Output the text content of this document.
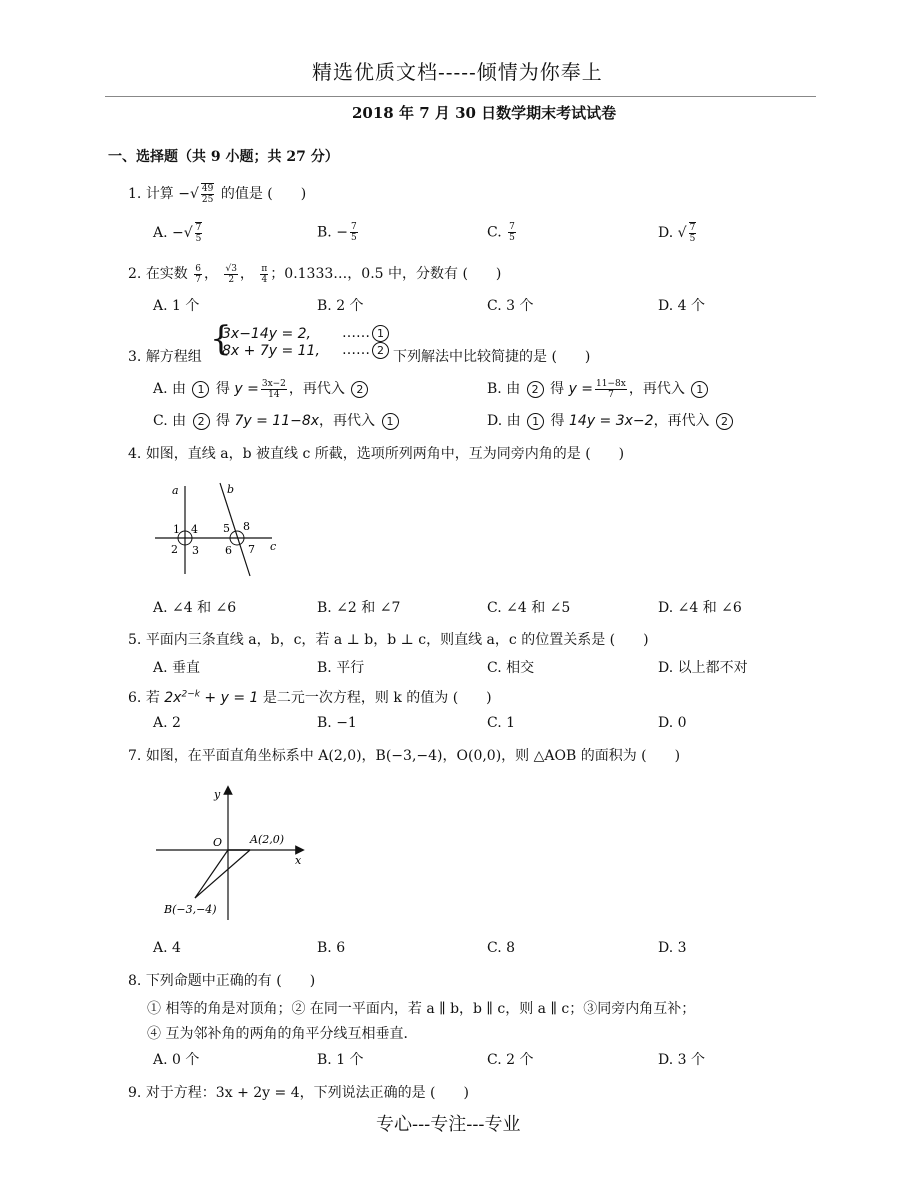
精选优质文档-----倾情为你奉上
2018 年 7 月 30 日数学期末考试试卷
一、选择题（共 9 小题；共 27 分）
1. 计算 −√ $\frac{49}{25}$ 的值是 (　　)
A. −√ $\frac{7}{5}$	B. − $\frac{7}{5}$	C. $\frac{7}{5}$	D. √ $\frac{7}{5}$
2. 在实数 $\frac{6}{7}$ ， $\frac{√3}{2}$ ， $\frac{\pi}{4}$ ；0.1333…，0.5 中，分数有 (　　)
A. 1 个	B. 2 个	C. 3 个	D. 4 个
3. 解方程组 {
3x−14y = 2,
8x + 7y = 11,
…… 1
…… 2 下列解法中比较简捷的是 (　　)
A. 由 1 得 $y = \frac{3x-2}{14}$ ，再代入 2	B. 由 2 得 $y = \frac{11-8x}{7}$ ，再代入 1
C. 由 2 得 7y = 11−8x，再代入 1	D. 由 1 得 14y = 3x−2，再代入 2
4. 如图，直线 a，b 被直线 c 所截，选项所列两角中，互为同旁内角的是 (　　)
a	b
c
1 4
2 3
5 8
6 7
A. ∠4 和 ∠6	B. ∠2 和 ∠7	C. ∠4 和 ∠5	D. ∠4 和 ∠6
5. 平面内三条直线 a，b，c，若 a ⊥ b，b ⊥ c，则直线 a，c 的位置关系是 (　　)
A. 垂直	B. 平行	C. 相交	D. 以上都不对
6. 若 $2x^{2-k} + y = 1$ 是二元一次方程，则 k 的值为 (　　)
A. 2	B. −1	C. 1	D. 0
7. 如图，在平面直角坐标系中 A(2,0)，B(−3,−4)，O(0,0)，则 △AOB 的面积为 (　　)
y
x
O	A(2,0)
B(−3,−4)
A. 4	B. 6	C. 8	D. 3
8. 下列命题中正确的有 (　　)
① 相等的角是对顶角；② 在同一平面内，若 a ∥ b，b ∥ c，则 a ∥ c；③同旁内角互补；
④ 互为邻补角的两角的角平分线互相垂直．
A. 0 个	B. 1 个	C. 2 个	D. 3 个
9. 对于方程：3x + 2y = 4，下列说法正确的是 (　　)
专心---专注---专业
